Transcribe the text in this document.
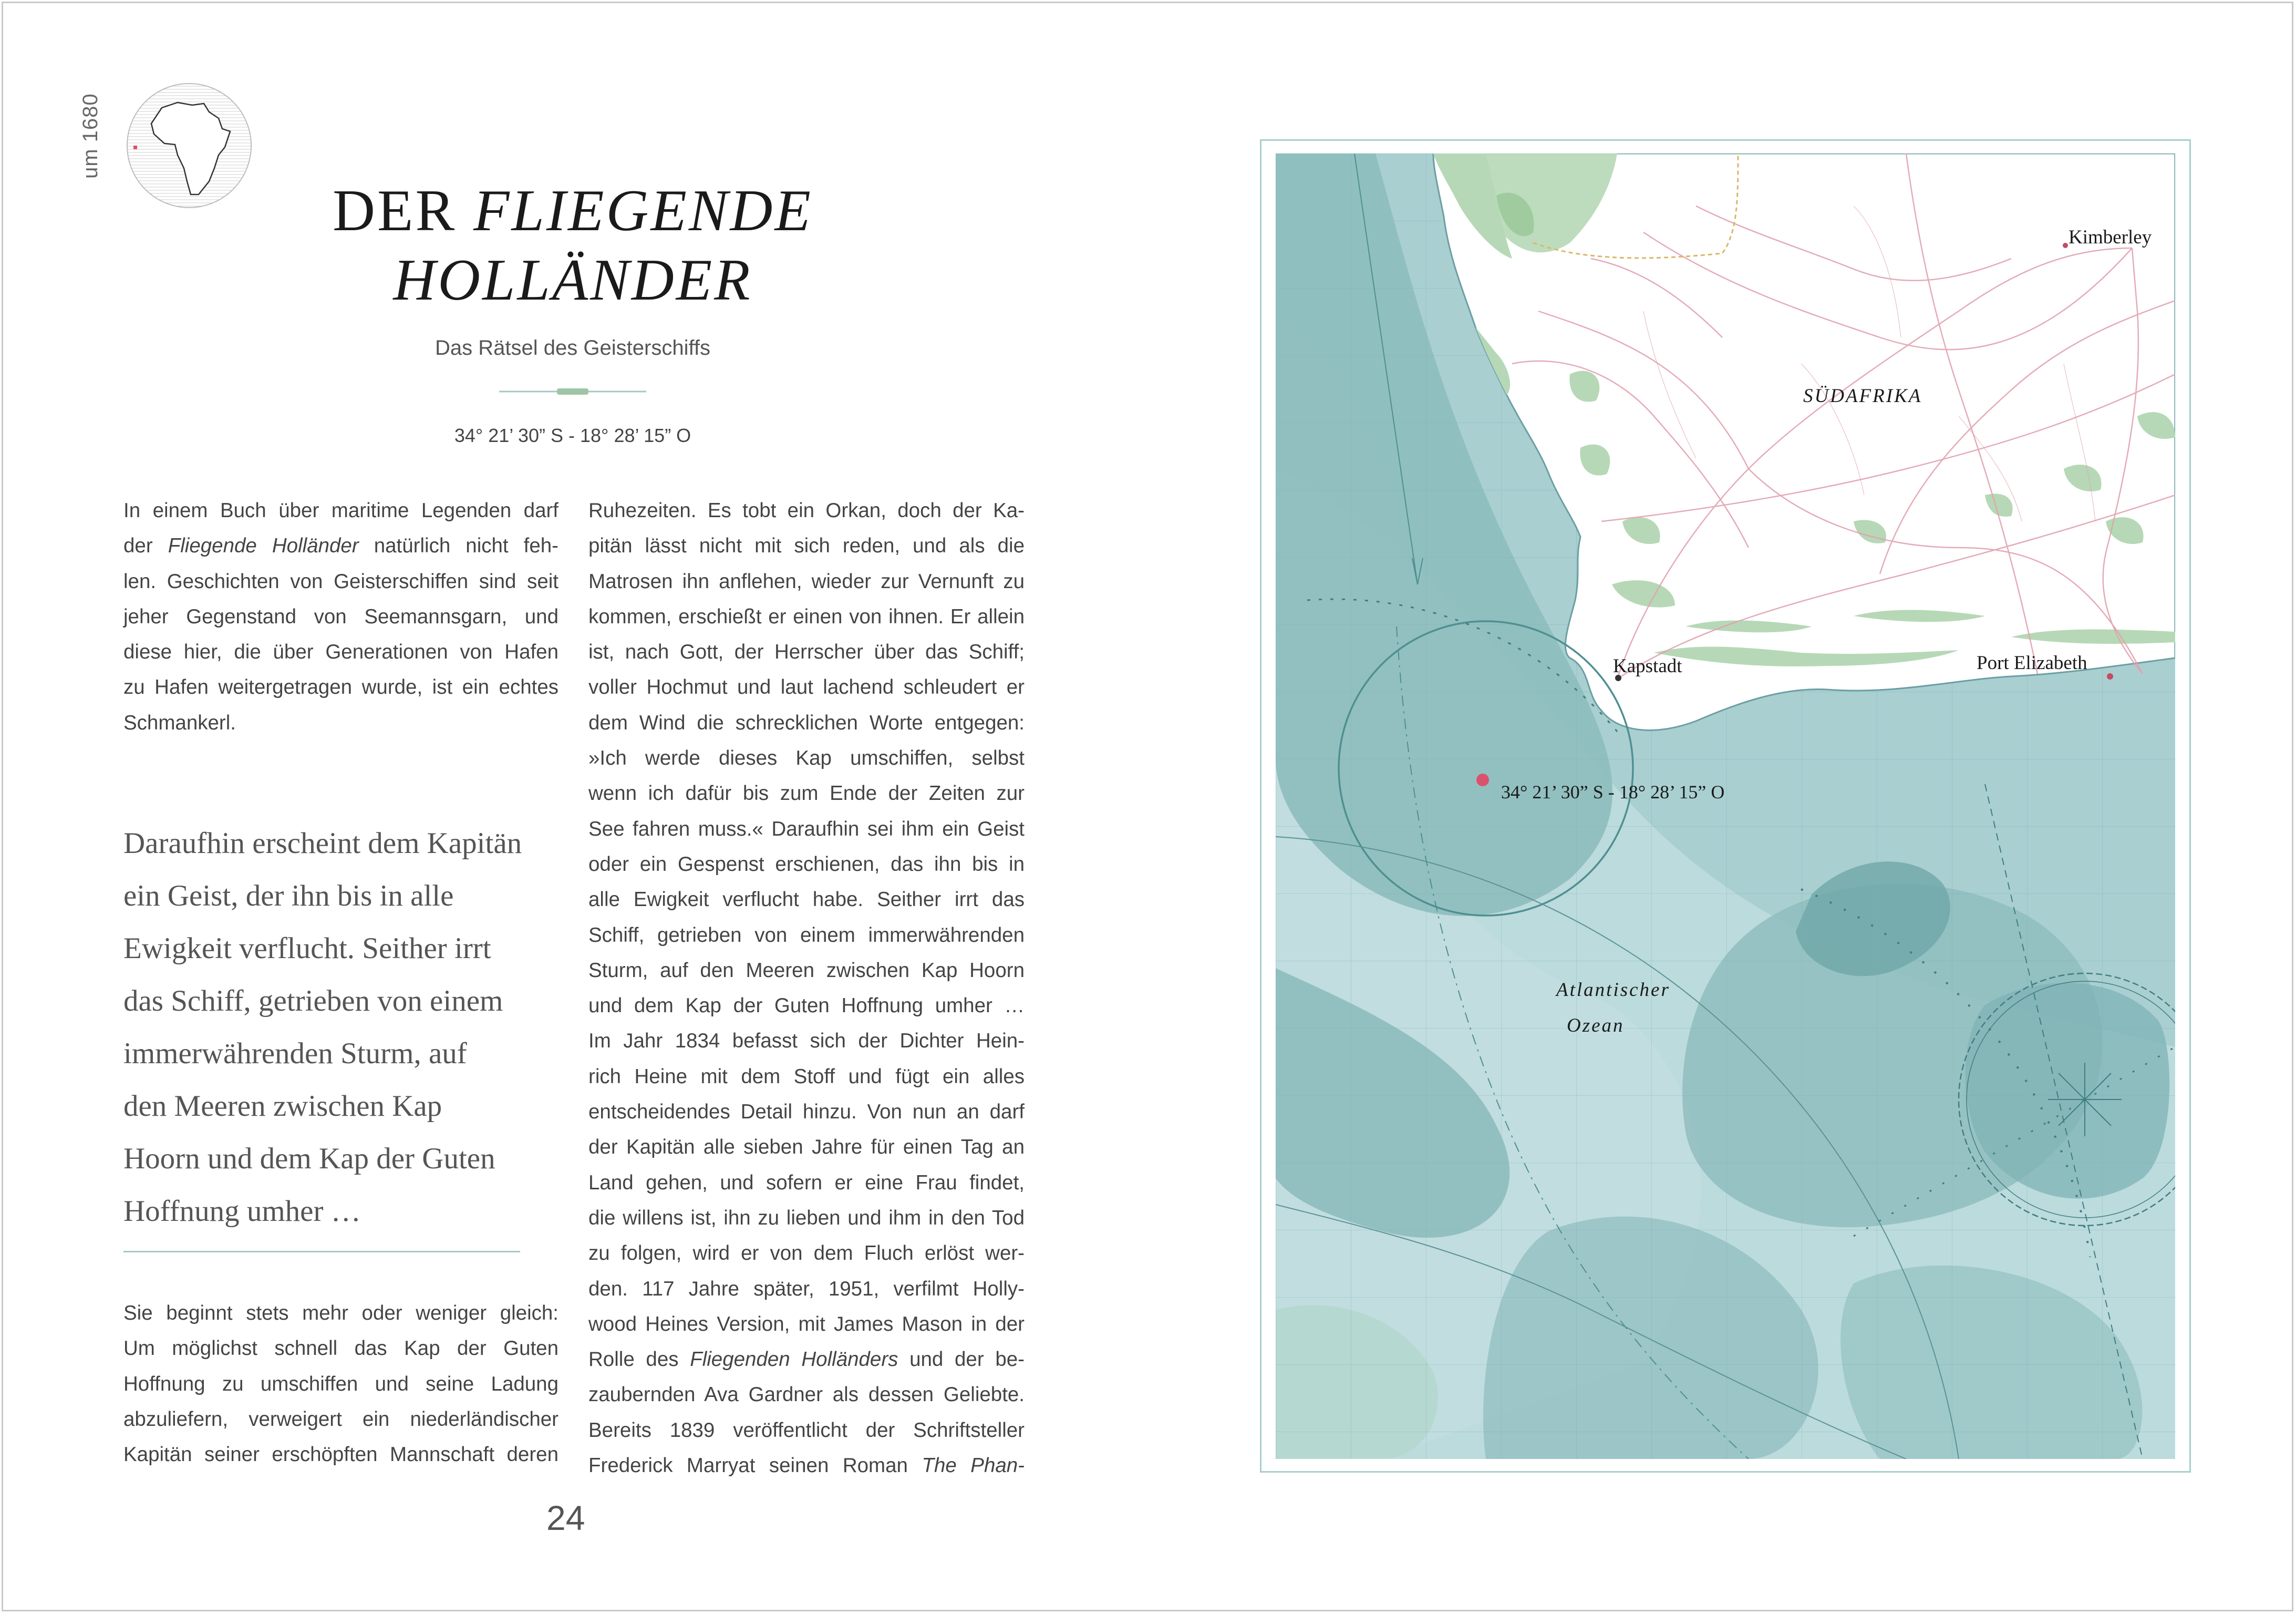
um 1680
DER FLIEGENDE
HOLLÄNDER
Das Rätsel des Geisterschiffs
34° 21’ 30” S - 18° 28’ 15” O
In einem Buch über maritime Legenden darf
der Fliegende Holländer natürlich nicht feh-
len. Geschichten von Geisterschiffen sind seit
jeher Gegenstand von Seemannsgarn, und
diese hier, die über Generationen von Hafen
zu Hafen weitergetragen wurde, ist ein echtes
Schmankerl.
Daraufhin erscheint dem Kapitän
ein Geist, der ihn bis in alle
Ewigkeit verflucht. Seither irrt
das Schiff, getrieben von einem
immerwährenden Sturm, auf
den Meeren zwischen Kap
Hoorn und dem Kap der Guten
Hoffnung umher …
Sie beginnt stets mehr oder weniger gleich:
Um möglichst schnell das Kap der Guten
Hoffnung zu umschiffen und seine Ladung
abzuliefern, verweigert ein niederländischer
Kapitän seiner erschöpften Mannschaft deren
Ruhezeiten. Es tobt ein Orkan, doch der Ka-
pitän lässt nicht mit sich reden, und als die
Matrosen ihn anflehen, wieder zur Vernunft zu
kommen, erschießt er einen von ihnen. Er allein
ist, nach Gott, der Herrscher über das Schiff;
voller Hochmut und laut lachend schleudert er
dem Wind die schrecklichen Worte entgegen:
»Ich werde dieses Kap umschiffen, selbst
wenn ich dafür bis zum Ende der Zeiten zur
See fahren muss.« Daraufhin sei ihm ein Geist
oder ein Gespenst erschienen, das ihn bis in
alle Ewigkeit verflucht habe. Seither irrt das
Schiff, getrieben von einem immerwährenden
Sturm, auf den Meeren zwischen Kap Hoorn
und dem Kap der Guten Hoffnung umher …
Im Jahr 1834 befasst sich der Dichter Hein-
rich Heine mit dem Stoff und fügt ein alles
entscheidendes Detail hinzu. Von nun an darf
der Kapitän alle sieben Jahre für einen Tag an
Land gehen, und sofern er eine Frau findet,
die willens ist, ihn zu lieben und ihm in den Tod
zu folgen, wird er von dem Fluch erlöst wer-
den. 117 Jahre später, 1951, verfilmt Holly-
wood Heines Version, mit James Mason in der
Rolle des Fliegenden Holländers und der be-
zaubernden Ava Gardner als dessen Geliebte.
Bereits 1839 veröffentlicht der Schriftsteller
Frederick Marryat seinen Roman The Phan-
24
Kimberley
SÜDAFRIKA
Kapstadt	Port Elizabeth
Atlantischer
Ozean
34° 21’ 30” S - 18° 28’ 15” O
